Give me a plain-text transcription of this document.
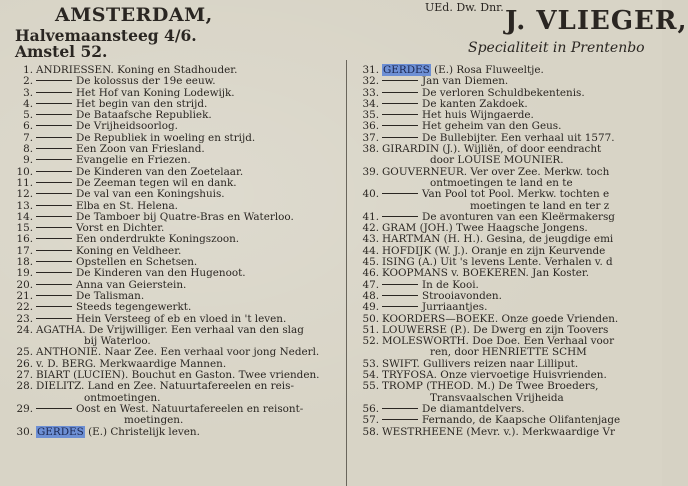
AMSTERDAM,
Halvemaansteeg 4/6.
Amstel 52.
UEd. Dw. Dnr. J. VLIEGER,
Specialiteit in Prentenbo
1. ANDRIESSEN. Koning en Stadhouder.
2.	De kolossus der 19e eeuw.
3.	Het Hof van Koning Lodewijk.
4.	Het begin van den strijd.
5.	De Bataafsche Republiek.
6.	De Vrijheidsoorlog.
7.	De Republiek in woeling en strijd.
8.	Een Zoon van Friesland.
9.	Evangelie en Friezen.
10.	De Kinderen van den Zoetelaar.
11.	De Zeeman tegen wil en dank.
12.	De val van een Koningshuis.
13.	Elba en St. Helena.
14.	De Tamboer bij Quatre-Bras en Waterloo.
15.	Vorst en Dichter.
16.	Een onderdrukte Koningszoon.
17.	Koning en Veldheer.
18.	Opstellen en Schetsen.
19.	De Kinderen van den Hugenoot.
20.	Anna van Geierstein.
21.	De Talisman.
22.	Steeds tegengewerkt.
23.	Hein Versteeg of eb en vloed in 't leven.
24. AGATHA. De Vrijwilliger. Een verhaal van den slag
bij Waterloo.
25. ANTHONIE. Naar Zee. Een verhaal voor jong Nederl.
26. v. D. BERG. Merkwaardige Mannen.
27. BIART (LUCIEN). Bouchut en Gaston. Twee vrienden.
28. DIELITZ. Land en Zee. Natuurtafereelen en reis-
ontmoetingen.
29.	Oost en West. Natuurtafereelen en reisont-
moetingen.
30. GERDES (E.) Christelijk leven.
31. GERDES (E.) Rosa Fluweeltje.
32.	Jan van Diemen.
33.	De verloren Schuldbekentenis.
34.	De kanten Zakdoek.
35.	Het huis Wijngaerde.
36.	Het geheim van den Geus.
37.	De Bullebijter. Een verhaal uit 1577.
38. GIRARDIN (J.). Wijliën, of door eendracht
door LOUISE MOUNIER.
39. GOUVERNEUR. Ver over Zee. Merkw. toch
ontmoetingen te land en te
40.	Van Pool tot Pool. Merkw. tochten e
moetingen te land en ter z
41.	De avonturen van een Kleërmakersg
42. GRAM (JOH.) Twee Haagsche Jongens.
43. HARTMAN (H. H.). Gesina, de jeugdige emi
44. HOFDIJK (W. J.). Oranje en zijn Keurvende
45. ISING (A.) Uit 's levens Lente. Verhalen v. d
46. KOOPMANS v. BOEKEREN. Jan Koster.
47.	In de Kooi.
48.	Strooiavonden.
49.	Jurriaantjes.
50. KOORDERS—BOEKE. Onze goede Vrienden.
51. LOUWERSE (P.). De Dwerg en zijn Toovers
52. MOLESWORTH. Doe Doe. Een Verhaal voor
ren, door HENRIETTE SCHM
53. SWIFT. Gullivers reizen naar Lilliput.
54. TRYFOSA. Onze viervoetige Huisvrienden.
55. TROMP (THEOD. M.) De Twee Broeders,
Transvaalschen Vrijheida
56.	De diamantdelvers.
57.	Fernando, de Kaapsche Olifantenjage
58. WESTRHEENE (Mevr. v.). Merkwaardige Vr
